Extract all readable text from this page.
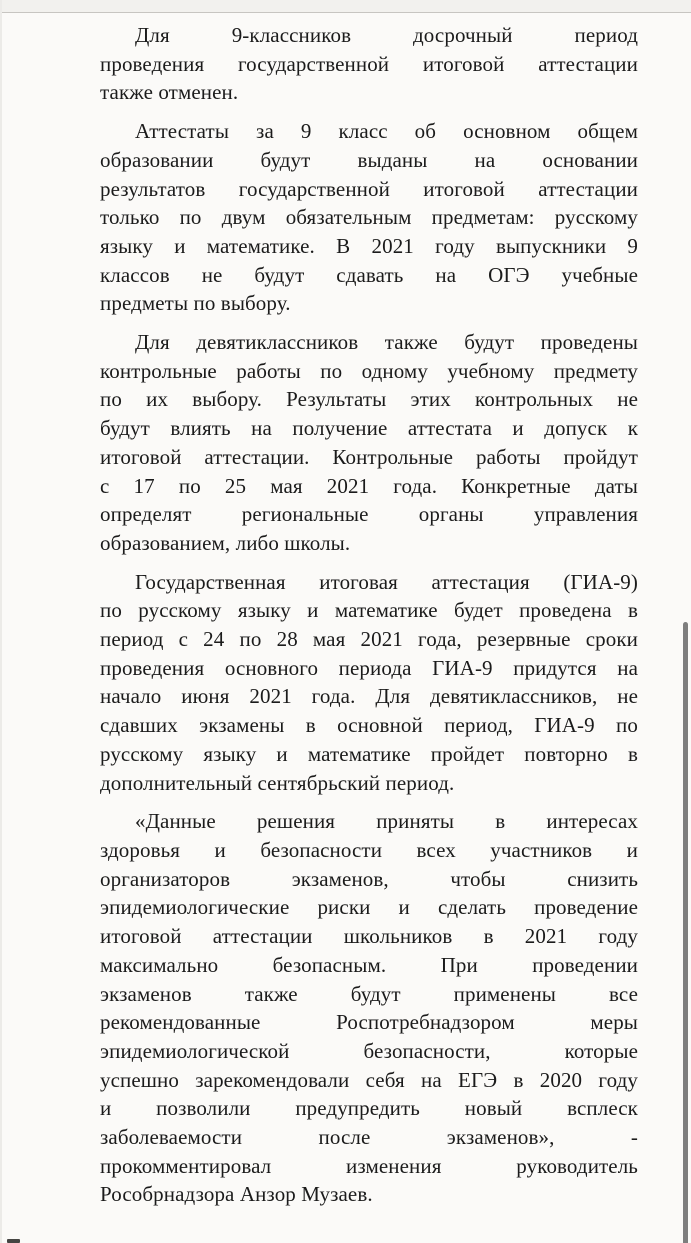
Для 9-классников досрочный период
проведения государственной итоговой аттестации
также отменен.
Аттестаты за 9 класс об основном общем
образовании будут выданы на основании
результатов государственной итоговой аттестации
только по двум обязательным предметам: русскому
языку и математике. В 2021 году выпускники 9
классов не будут сдавать на ОГЭ учебные
предметы по выбору.
Для девятиклассников также будут проведены
контрольные работы по одному учебному предмету
по их выбору. Результаты этих контрольных не
будут влиять на получение аттестата и допуск к
итоговой аттестации. Контрольные работы пройдут
с 17 по 25 мая 2021 года. Конкретные даты
определят региональные органы управления
образованием, либо школы.
Государственная итоговая аттестация (ГИА-9)
по русскому языку и математике будет проведена в
период с 24 по 28 мая 2021 года, резервные сроки
проведения основного периода ГИА-9 придутся на
начало июня 2021 года. Для девятиклассников, не
сдавших экзамены в основной период, ГИА-9 по
русскому языку и математике пройдет повторно в
дополнительный сентябрьский период.
«Данные решения приняты в интересах
здоровья и безопасности всех участников и
организаторов экзаменов, чтобы снизить
эпидемиологические риски и сделать проведение
итоговой аттестации школьников в 2021 году
максимально безопасным. При проведении
экзаменов также будут применены все
рекомендованные Роспотребнадзором меры
эпидемиологической безопасности, которые
успешно зарекомендовали себя на ЕГЭ в 2020 году
и позволили предупредить новый всплеск
заболеваемости после экзаменов», -
прокомментировал изменения руководитель
Рособрнадзора Анзор Музаев.
